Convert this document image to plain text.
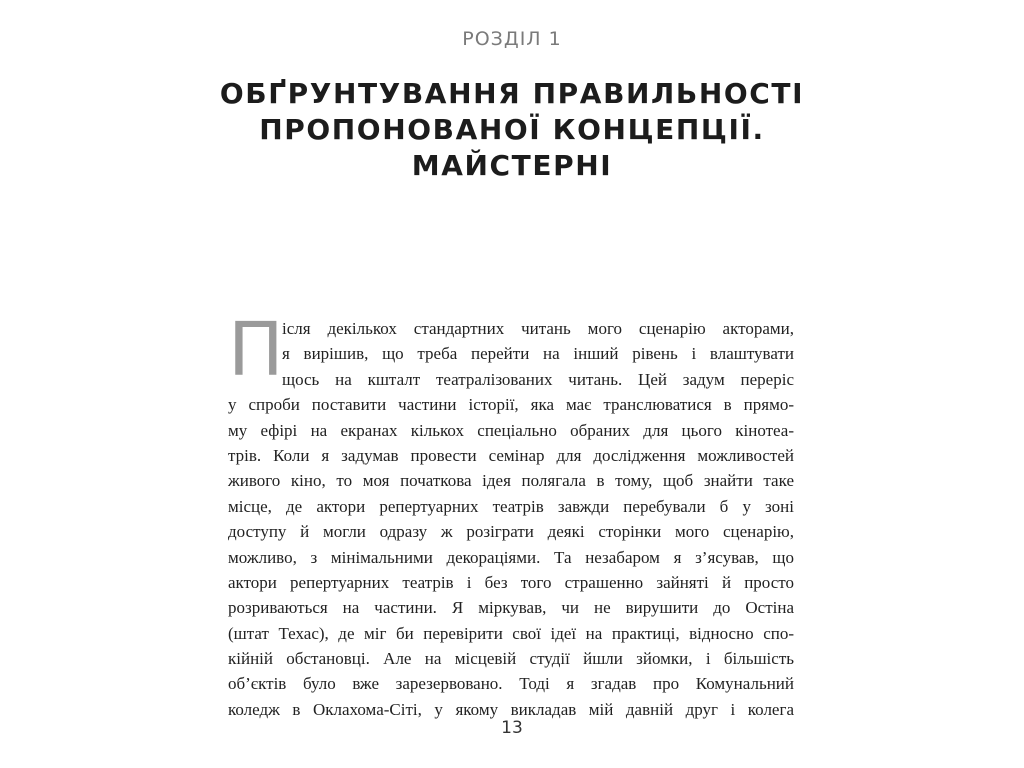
РОЗДІЛ 1
ОБҐРУНТУВАННЯ ПРАВИЛЬНОСТІ
ПРОПОНОВАНОЇ КОНЦЕПЦІЇ.
МАЙСТЕРНІ
П
ісля декількох стандартних читань мого сценарію акторами,
я вирішив, що треба перейти на інший рівень і влаштувати
щось на кшталт театралізованих читань. Цей задум переріс
у спроби поставити частини історії, яка має транслюватися в прямо-
му ефірі на екранах кількох спеціально обраних для цього кінотеа-
трів. Коли я задумав провести семінар для дослідження можливостей
живого кіно, то моя початкова ідея полягала в тому, щоб знайти таке
місце, де актори репертуарних театрів завжди перебували б у зоні
доступу й могли одразу ж розіграти деякі сторінки мого сценарію,
можливо, з мінімальними декораціями. Та незабаром я з’ясував, що
актори репертуарних театрів і без того страшенно зайняті й просто
розриваються на частини. Я міркував, чи не вирушити до Остіна
(штат Техас), де міг би перевірити свої ідеї на практиці, відносно спо-
кійній обстановці. Але на місцевій студії йшли зйомки, і більшість
об’єктів було вже зарезервовано. Тоді я згадав про Комунальний
коледж в Оклахома-Сіті, у якому викладав мій давній друг і колега
13
